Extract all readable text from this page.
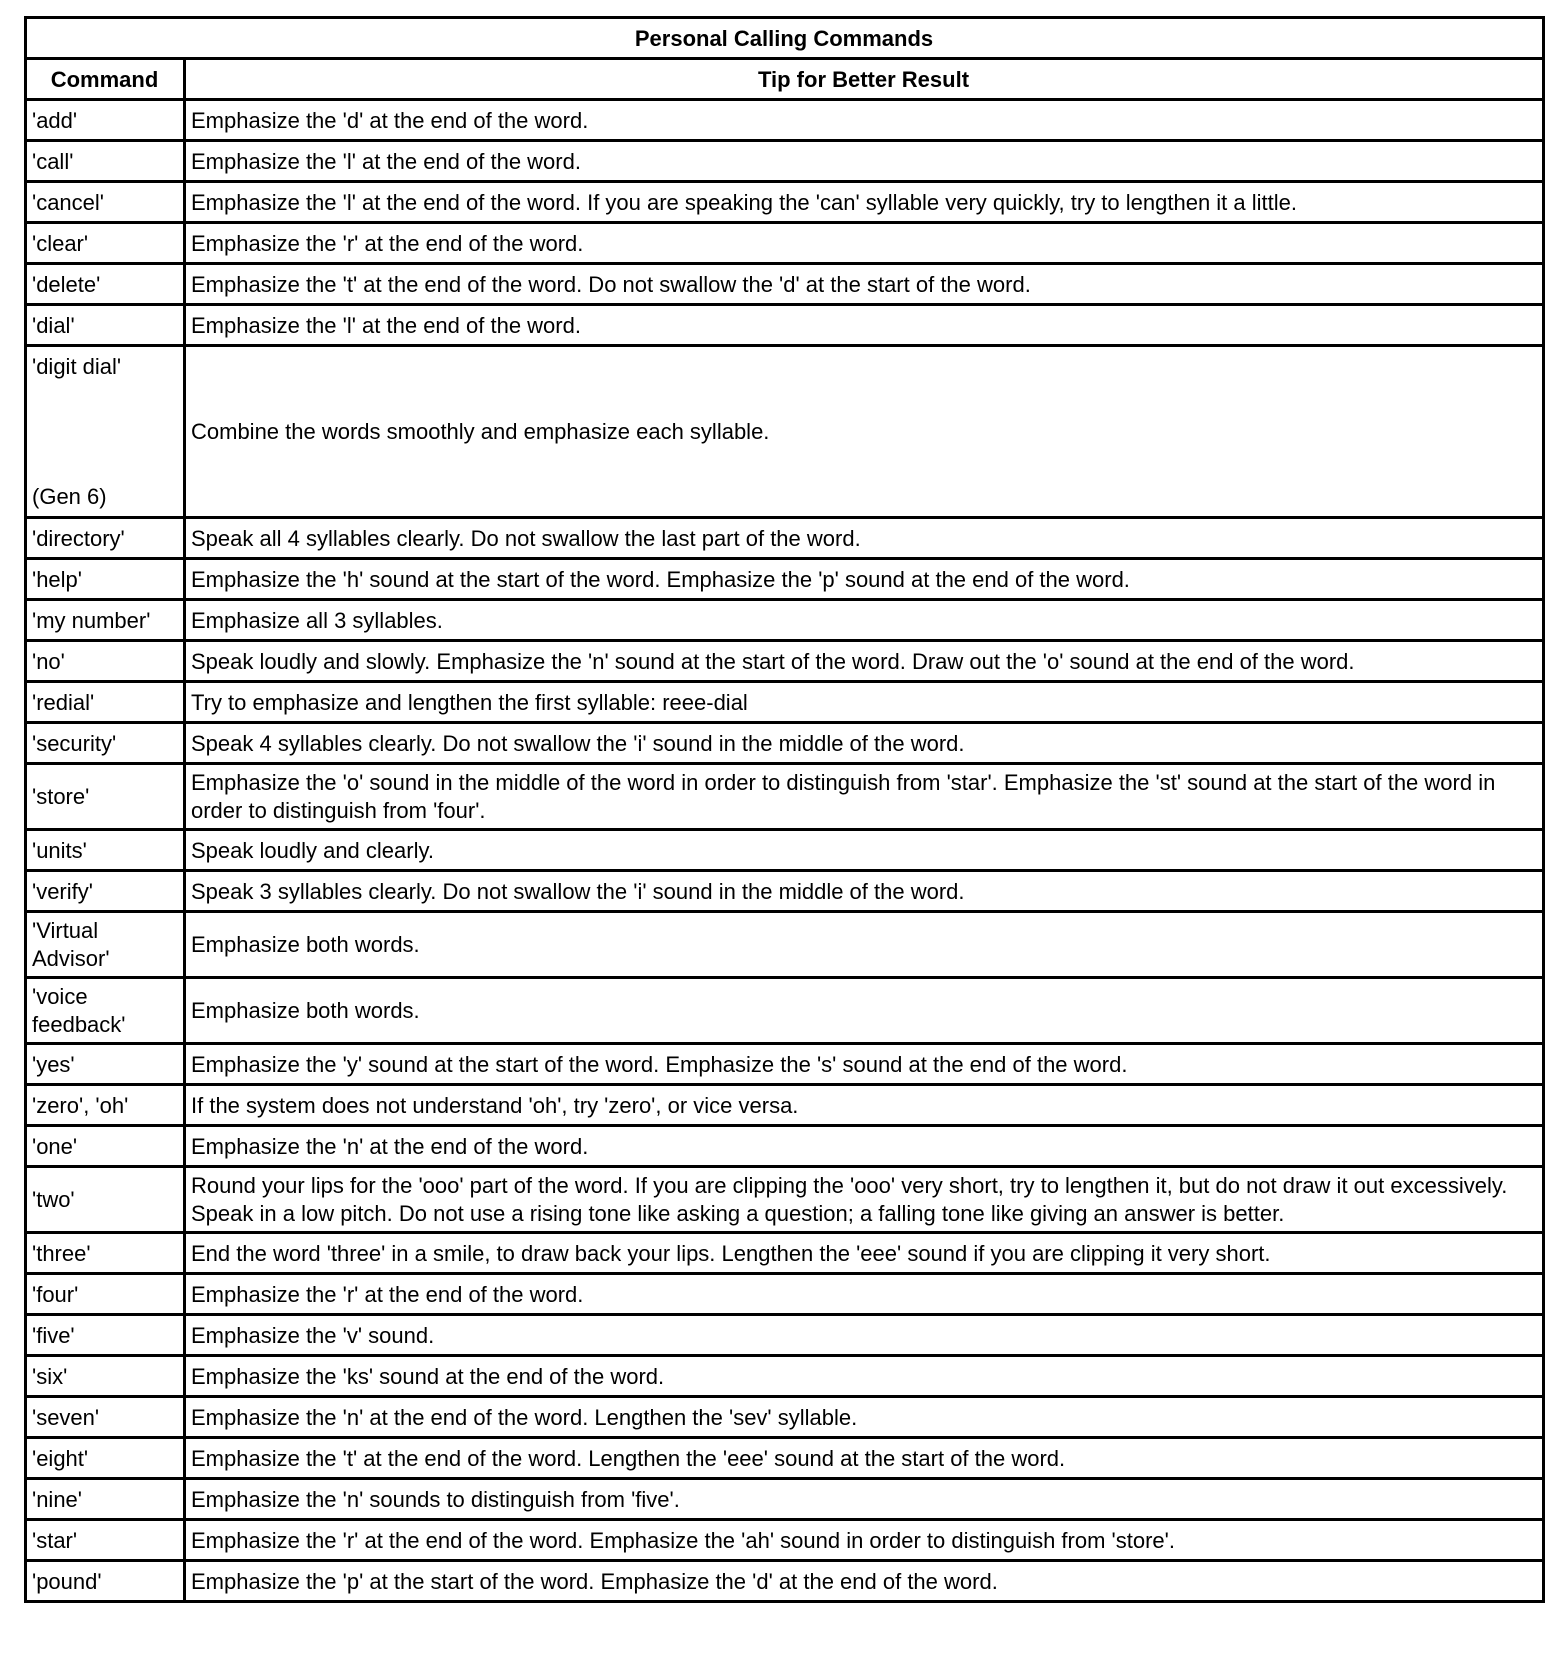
Personal Calling Commands	
Command	Tip for Better Result
'add'	Emphasize the 'd' at the end of the word.
'call'	Emphasize the 'l' at the end of the word.
'cancel'	Emphasize the 'l' at the end of the word. If you are speaking the 'can' syllable very quickly, try to lengthen it a little.
'clear'	Emphasize the 'r' at the end of the word.
'delete'	Emphasize the 't' at the end of the word. Do not swallow the 'd' at the start of the word.
'dial'	Emphasize the 'l' at the end of the word.

'digit dial'
(Gen 6)	Combine the words smoothly and emphasize each syllable.
'directory'	Speak all 4 syllables clearly. Do not swallow the last part of the word.
'help'	Emphasize the 'h' sound at the start of the word. Emphasize the 'p' sound at the end of the word.
'my number'	Emphasize all 3 syllables.
'no'	Speak loudly and slowly. Emphasize the 'n' sound at the start of the word. Draw out the 'o' sound at the end of the word.
'redial'	Try to emphasize and lengthen the first syllable: reee-dial
'security'	Speak 4 syllables clearly. Do not swallow the 'i' sound in the middle of the word.
'store'	Emphasize the 'o' sound in the middle of the word in order to distinguish from 'star'. Emphasize the 'st' sound at the start of the word in order to distinguish from 'four'.
'units'	Speak loudly and clearly.
'verify'	Speak 3 syllables clearly. Do not swallow the 'i' sound in the middle of the word.
'Virtual Advisor'	Emphasize both words.
'voice feedback'	Emphasize both words.
'yes'	Emphasize the 'y' sound at the start of the word. Emphasize the 's' sound at the end of the word.
'zero', 'oh'	If the system does not understand 'oh', try 'zero', or vice versa.
'one'	Emphasize the 'n' at the end of the word.
'two'	Round your lips for the 'ooo' part of the word. If you are clipping the 'ooo' very short, try to lengthen it, but do not draw it out excessively. Speak in a low pitch. Do not use a rising tone like asking a question; a falling tone like giving an answer is better.
'three'	End the word 'three' in a smile, to draw back your lips. Lengthen the 'eee' sound if you are clipping it very short.
'four'	Emphasize the 'r' at the end of the word.
'five'	Emphasize the 'v' sound.
'six'	Emphasize the 'ks' sound at the end of the word.
'seven'	Emphasize the 'n' at the end of the word. Lengthen the 'sev' syllable.
'eight'	Emphasize the 't' at the end of the word. Lengthen the 'eee' sound at the start of the word.
'nine'	Emphasize the 'n' sounds to distinguish from 'five'.
'star'	Emphasize the 'r' at the end of the word. Emphasize the 'ah' sound in order to distinguish from 'store'.
'pound'	Emphasize the 'p' at the start of the word. Emphasize the 'd' at the end of the word.
